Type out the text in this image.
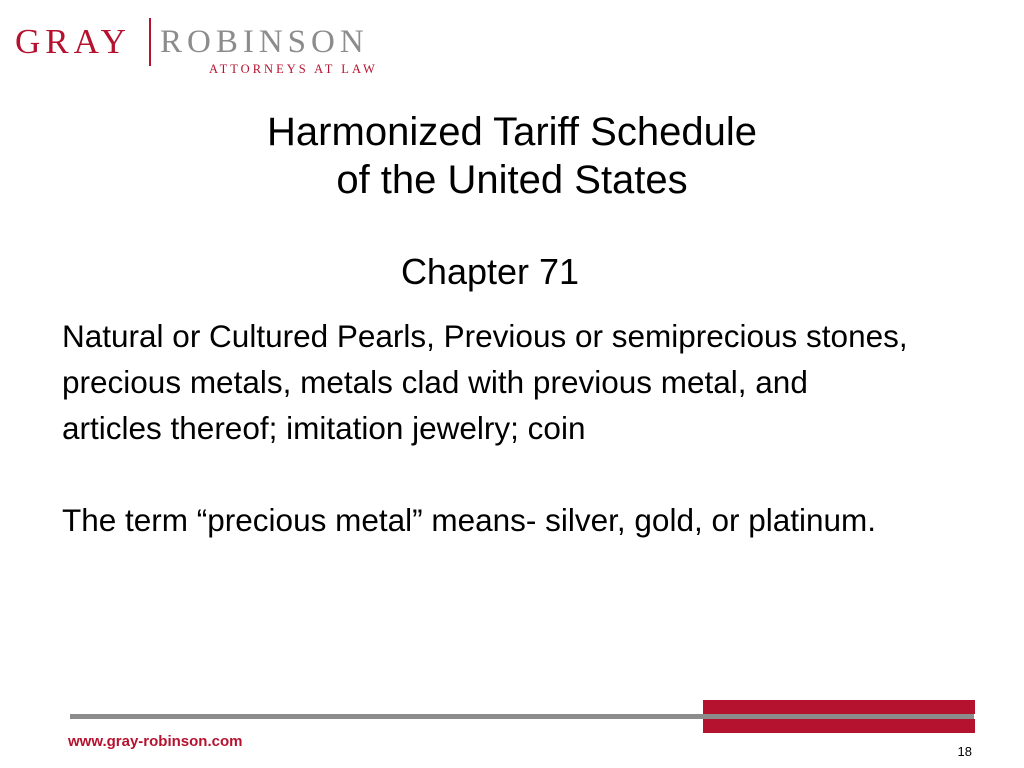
GRAY ROBINSON
ATTORNEYS AT LAW
Harmonized Tariff Schedule
of the United States
Chapter 71

Natural or Cultured Pearls, Previous or semiprecious stones, precious metals, metals clad with previous metal, and articles thereof; imitation jewelry; coin

The term “precious metal” means- silver, gold, or platinum.

www.gray-robinson.com
18
